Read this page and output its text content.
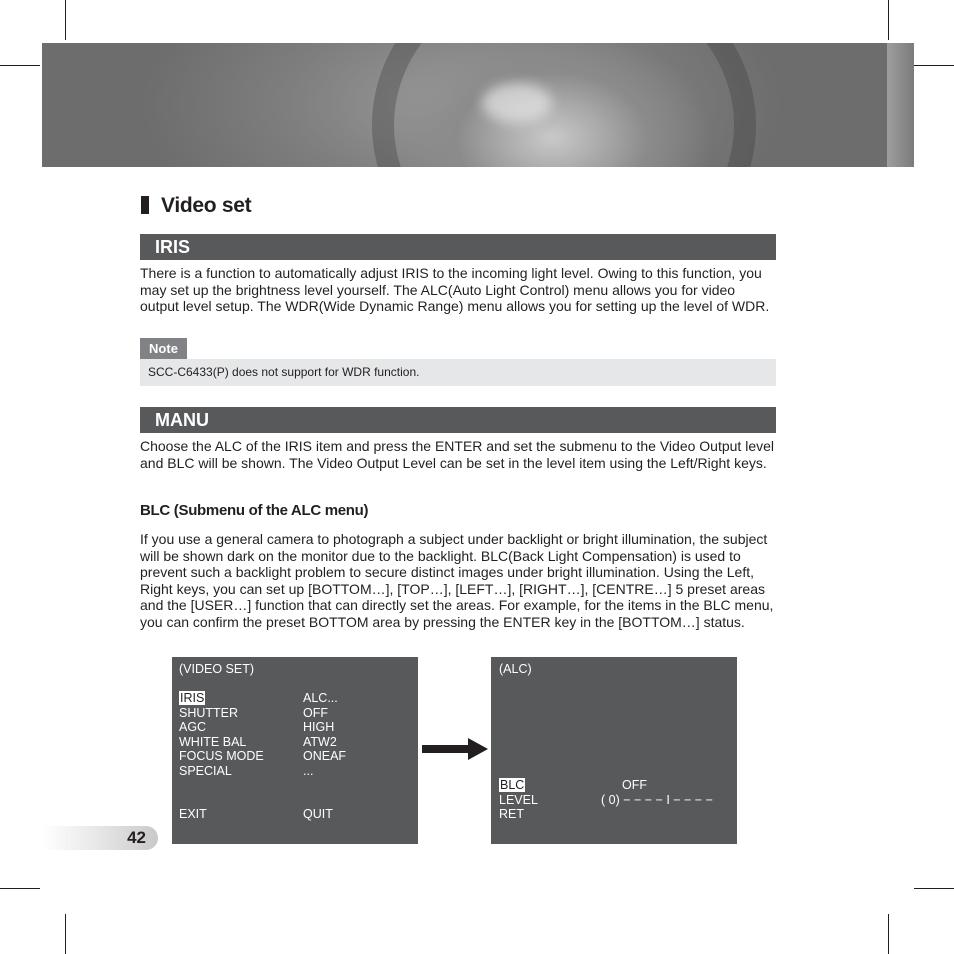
Video set
IRIS

There is a function to automatically adjust IRIS to the incoming light level. Owing to this function, you may set up the brightness level yourself. The ALC(Auto Light Control) menu allows you for video output level setup. The WDR(Wide Dynamic Range) menu allows you for setting up the level of WDR.

Note
SCC-C6433(P) does not support for WDR function.
MANU

Choose the ALC of the IRIS item and press the ENTER and set the submenu to the Video Output level and BLC will be shown. The Video Output Level can be set in the level item using the Left/Right keys.

BLC (Submenu of the ALC menu)

If you use a general camera to photograph a subject under backlight or bright illumination, the subject will be shown dark on the monitor due to the backlight. BLC(Back Light Compensation) is used to prevent such a backlight problem to secure distinct images under bright illumination. Using the Left, Right keys, you can set up [BOTTOM…], [TOP…], [LEFT…], [RIGHT…], [CENTRE…] 5 preset areas and the [USER…] function that can directly set the areas. For example, for the items in the BLC menu, you can confirm the preset BOTTOM area by pressing the ENTER key in the [BOTTOM…] status.

(VIDEO SET)
IRIS	ALC...
SHUTTER	OFF
AGC	HIGH
WHITE BAL	ATW2
FOCUS MODE	ONEAF
SPECIAL	...
EXIT	QUIT
(ALC)
BLC	OFF
LEVEL	( 0) − − − − I − − − −
RET
42
